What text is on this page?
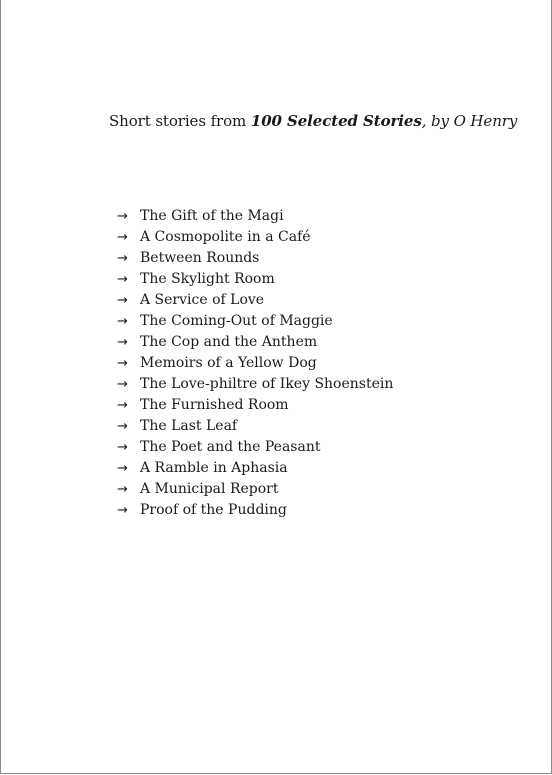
Short stories from 100 Selected Stories, by O Henry
→ The Gift of the Magi
→ A Cosmopolite in a Café
→ Between Rounds
→ The Skylight Room
→ A Service of Love
→ The Coming-Out of Maggie
→ The Cop and the Anthem
→ Memoirs of a Yellow Dog
→ The Love-philtre of Ikey Shoenstein
→ The Furnished Room
→ The Last Leaf
→ The Poet and the Peasant
→ A Ramble in Aphasia
→ A Municipal Report
→ Proof of the Pudding
